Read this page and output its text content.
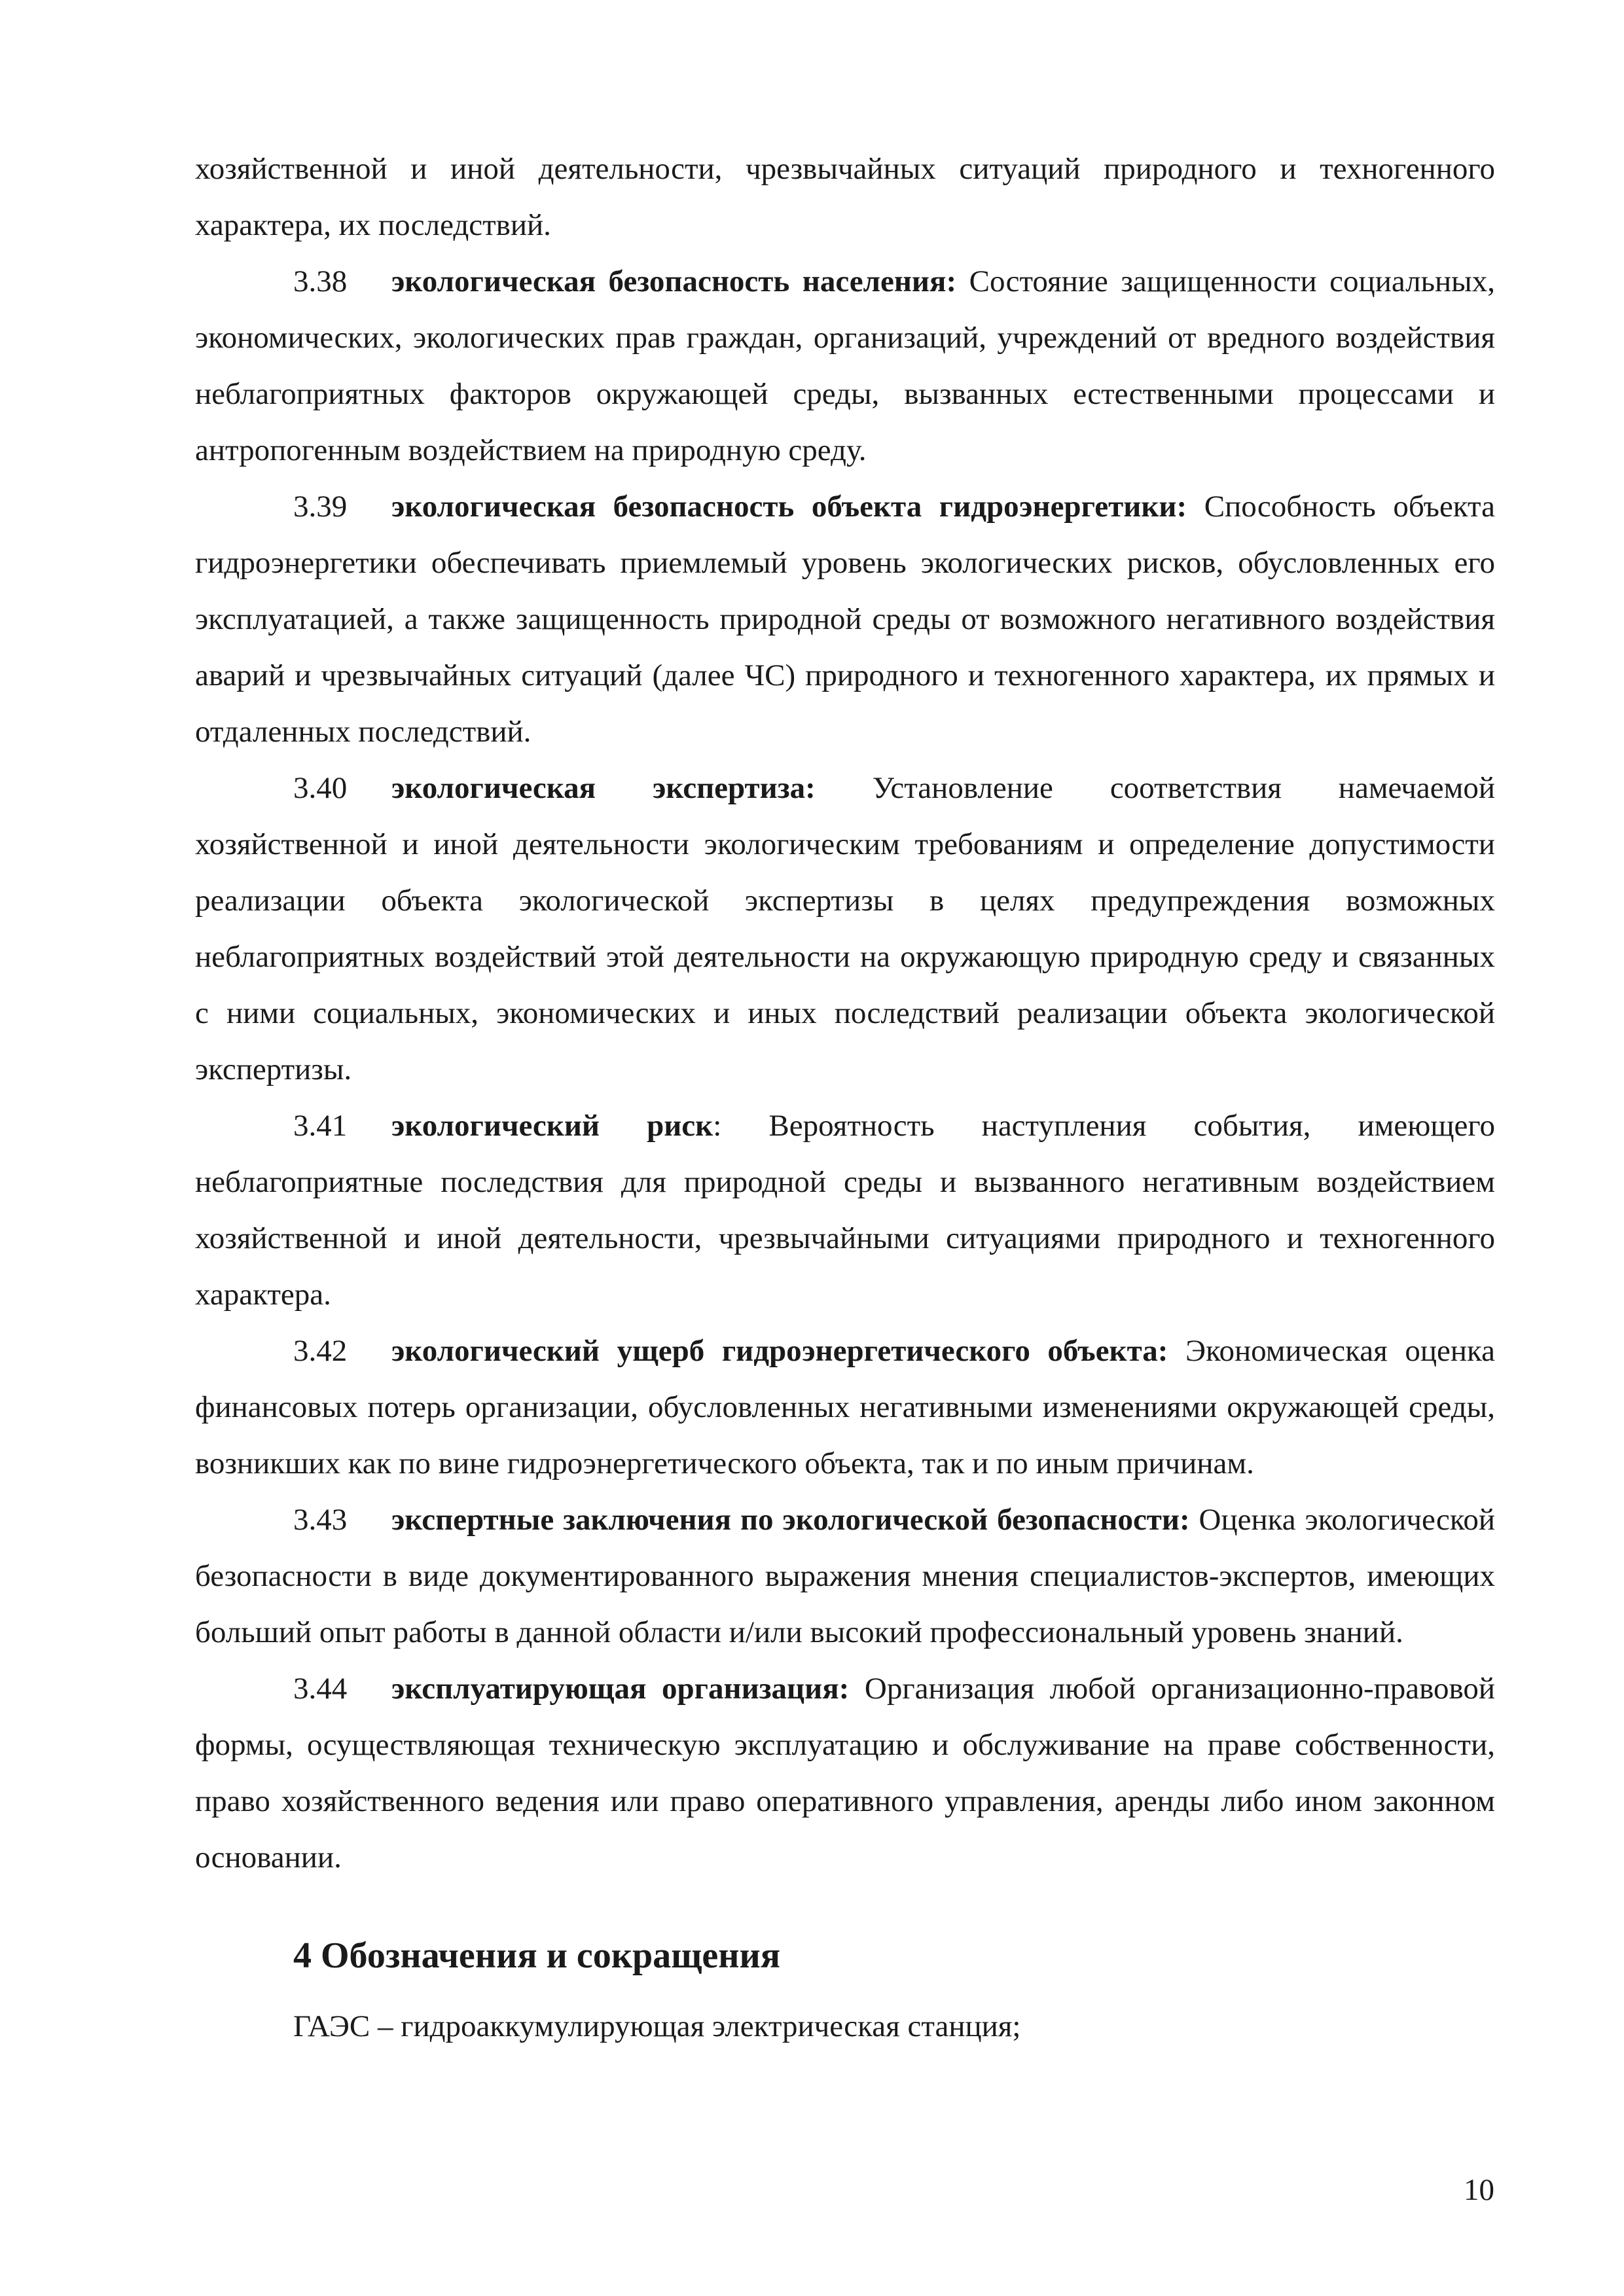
хозяйственной и иной деятельности, чрезвычайных ситуаций природного и техногенного характера, их последствий.

3.38 экологическая безопасность населения: Состояние защищенности социальных, экономических, экологических прав граждан, организаций, учреждений от вредного воздействия неблагоприятных факторов окружающей среды, вызванных естественными процессами и антропогенным воздействием на природную среду.

3.39 экологическая безопасность объекта гидроэнергетики: Способность объекта гидроэнергетики обеспечивать приемлемый уровень экологических рисков, обусловленных его эксплуатацией, а также защищенность природной среды от возможного негативного воздействия аварий и чрезвычайных ситуаций (далее ЧС) природного и техногенного характера, их прямых и отдаленных последствий.

3.40 экологическая экспертиза: Установление соответствия намечаемой хозяйственной и иной деятельности экологическим требованиям и определение допустимости реализации объекта экологической экспертизы в целях предупреждения возможных неблагоприятных воздействий этой деятельности на окружающую природную среду и связанных с ними социальных, экономических и иных последствий реализации объекта экологической экспертизы.

3.41 экологический риск: Вероятность наступления события, имеющего неблагоприятные последствия для природной среды и вызванного негативным воздействием хозяйственной и иной деятельности, чрезвычайными ситуациями природного и техногенного характера.

3.42 экологический ущерб гидроэнергетического объекта: Экономическая оценка финансовых потерь организации, обусловленных негативными изменениями окружающей среды, возникших как по вине гидроэнергетического объекта, так и по иным причинам.

3.43 экспертные заключения по экологической безопасности: Оценка экологической безопасности в виде документированного выражения мнения специалистов-экспертов, имеющих больший опыт работы в данной области и/или высокий профессиональный уровень знаний.

3.44 эксплуатирующая организация: Организация любой организационно-правовой формы, осуществляющая техническую эксплуатацию и обслуживание на праве собственности, право хозяйственного ведения или право оперативного управления, аренды либо ином законном основании.

4 Обозначения и сокращения

ГАЭС – гидроаккумулирующая электрическая станция;

10
